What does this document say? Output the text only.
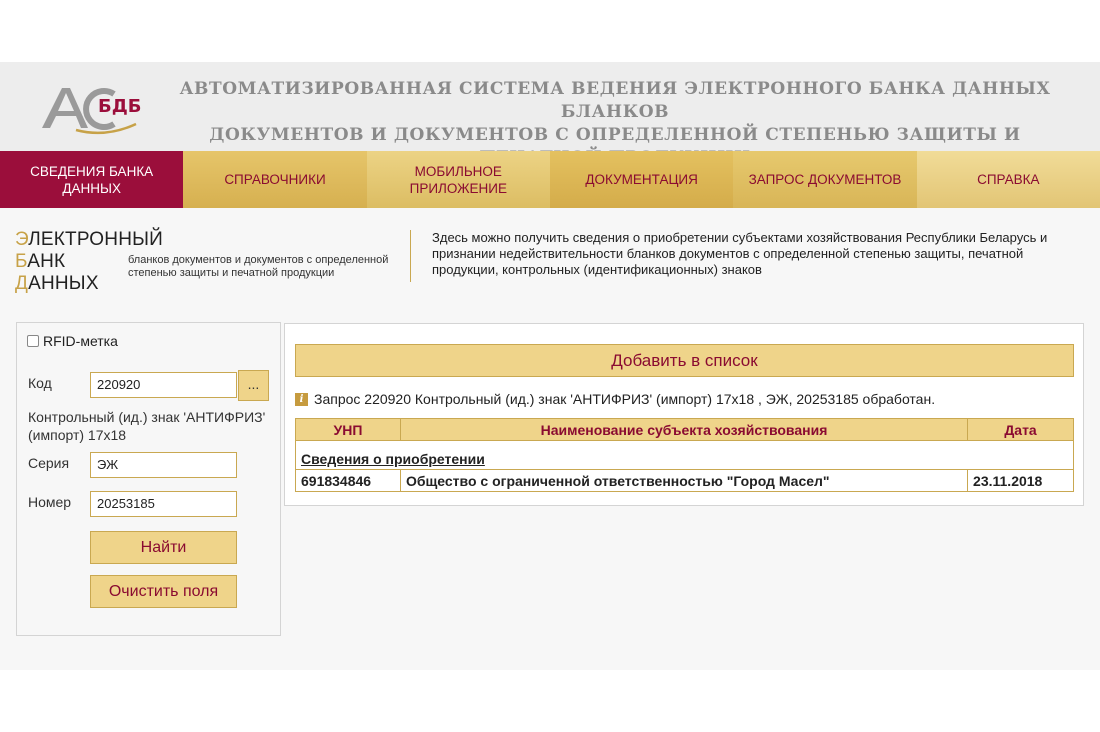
БДБ
АВТОМАТИЗИРОВАННАЯ СИСТЕМА ВЕДЕНИЯ ЭЛЕКТРОННОГО БАНКА ДАННЫХ БЛАНКОВ
ДОКУМЕНТОВ И ДОКУМЕНТОВ С ОПРЕДЕЛЕННОЙ СТЕПЕНЬЮ ЗАЩИТЫ И
СВЕДЕНИЯ БАНКА
ДАННЫХ
СПРАВОЧНИКИ
МОБИЛЬНОЕ
ПРИЛОЖЕНИЕ
ДОКУМЕНТАЦИЯ	ЗАПРОС ДОКУМЕНТОВ	СПРАВКА
ЭЛЕКТРОННЫЙ
БАНК
ДАННЫХ
бланков документов и документов с определенной степенью защиты и печатной продукции
Здесь можно получить сведения о приобретении субъектами хозяйствования Республики Беларусь и признании недействительности бланков документов с определенной степенью защиты, печатной продукции, контрольных (идентификационных) знаков
RFID-метка
Код	220920	...
Контрольный (ид.) знак 'АНТИФРИЗ' (импорт) 17х18
Серия	ЭЖ
Номер	20253185
Найти
Очистить поля
Добавить в список
i Запрос 220920 Контрольный (ид.) знак 'АНТИФРИЗ' (импорт) 17х18 , ЭЖ, 20253185 обработан.
УНП	Наименование субъекта хозяйствования	Дата
Сведения о приобретении		
691834846	Общество с ограниченной ответственностью "Город Масел"	23.11.2018
